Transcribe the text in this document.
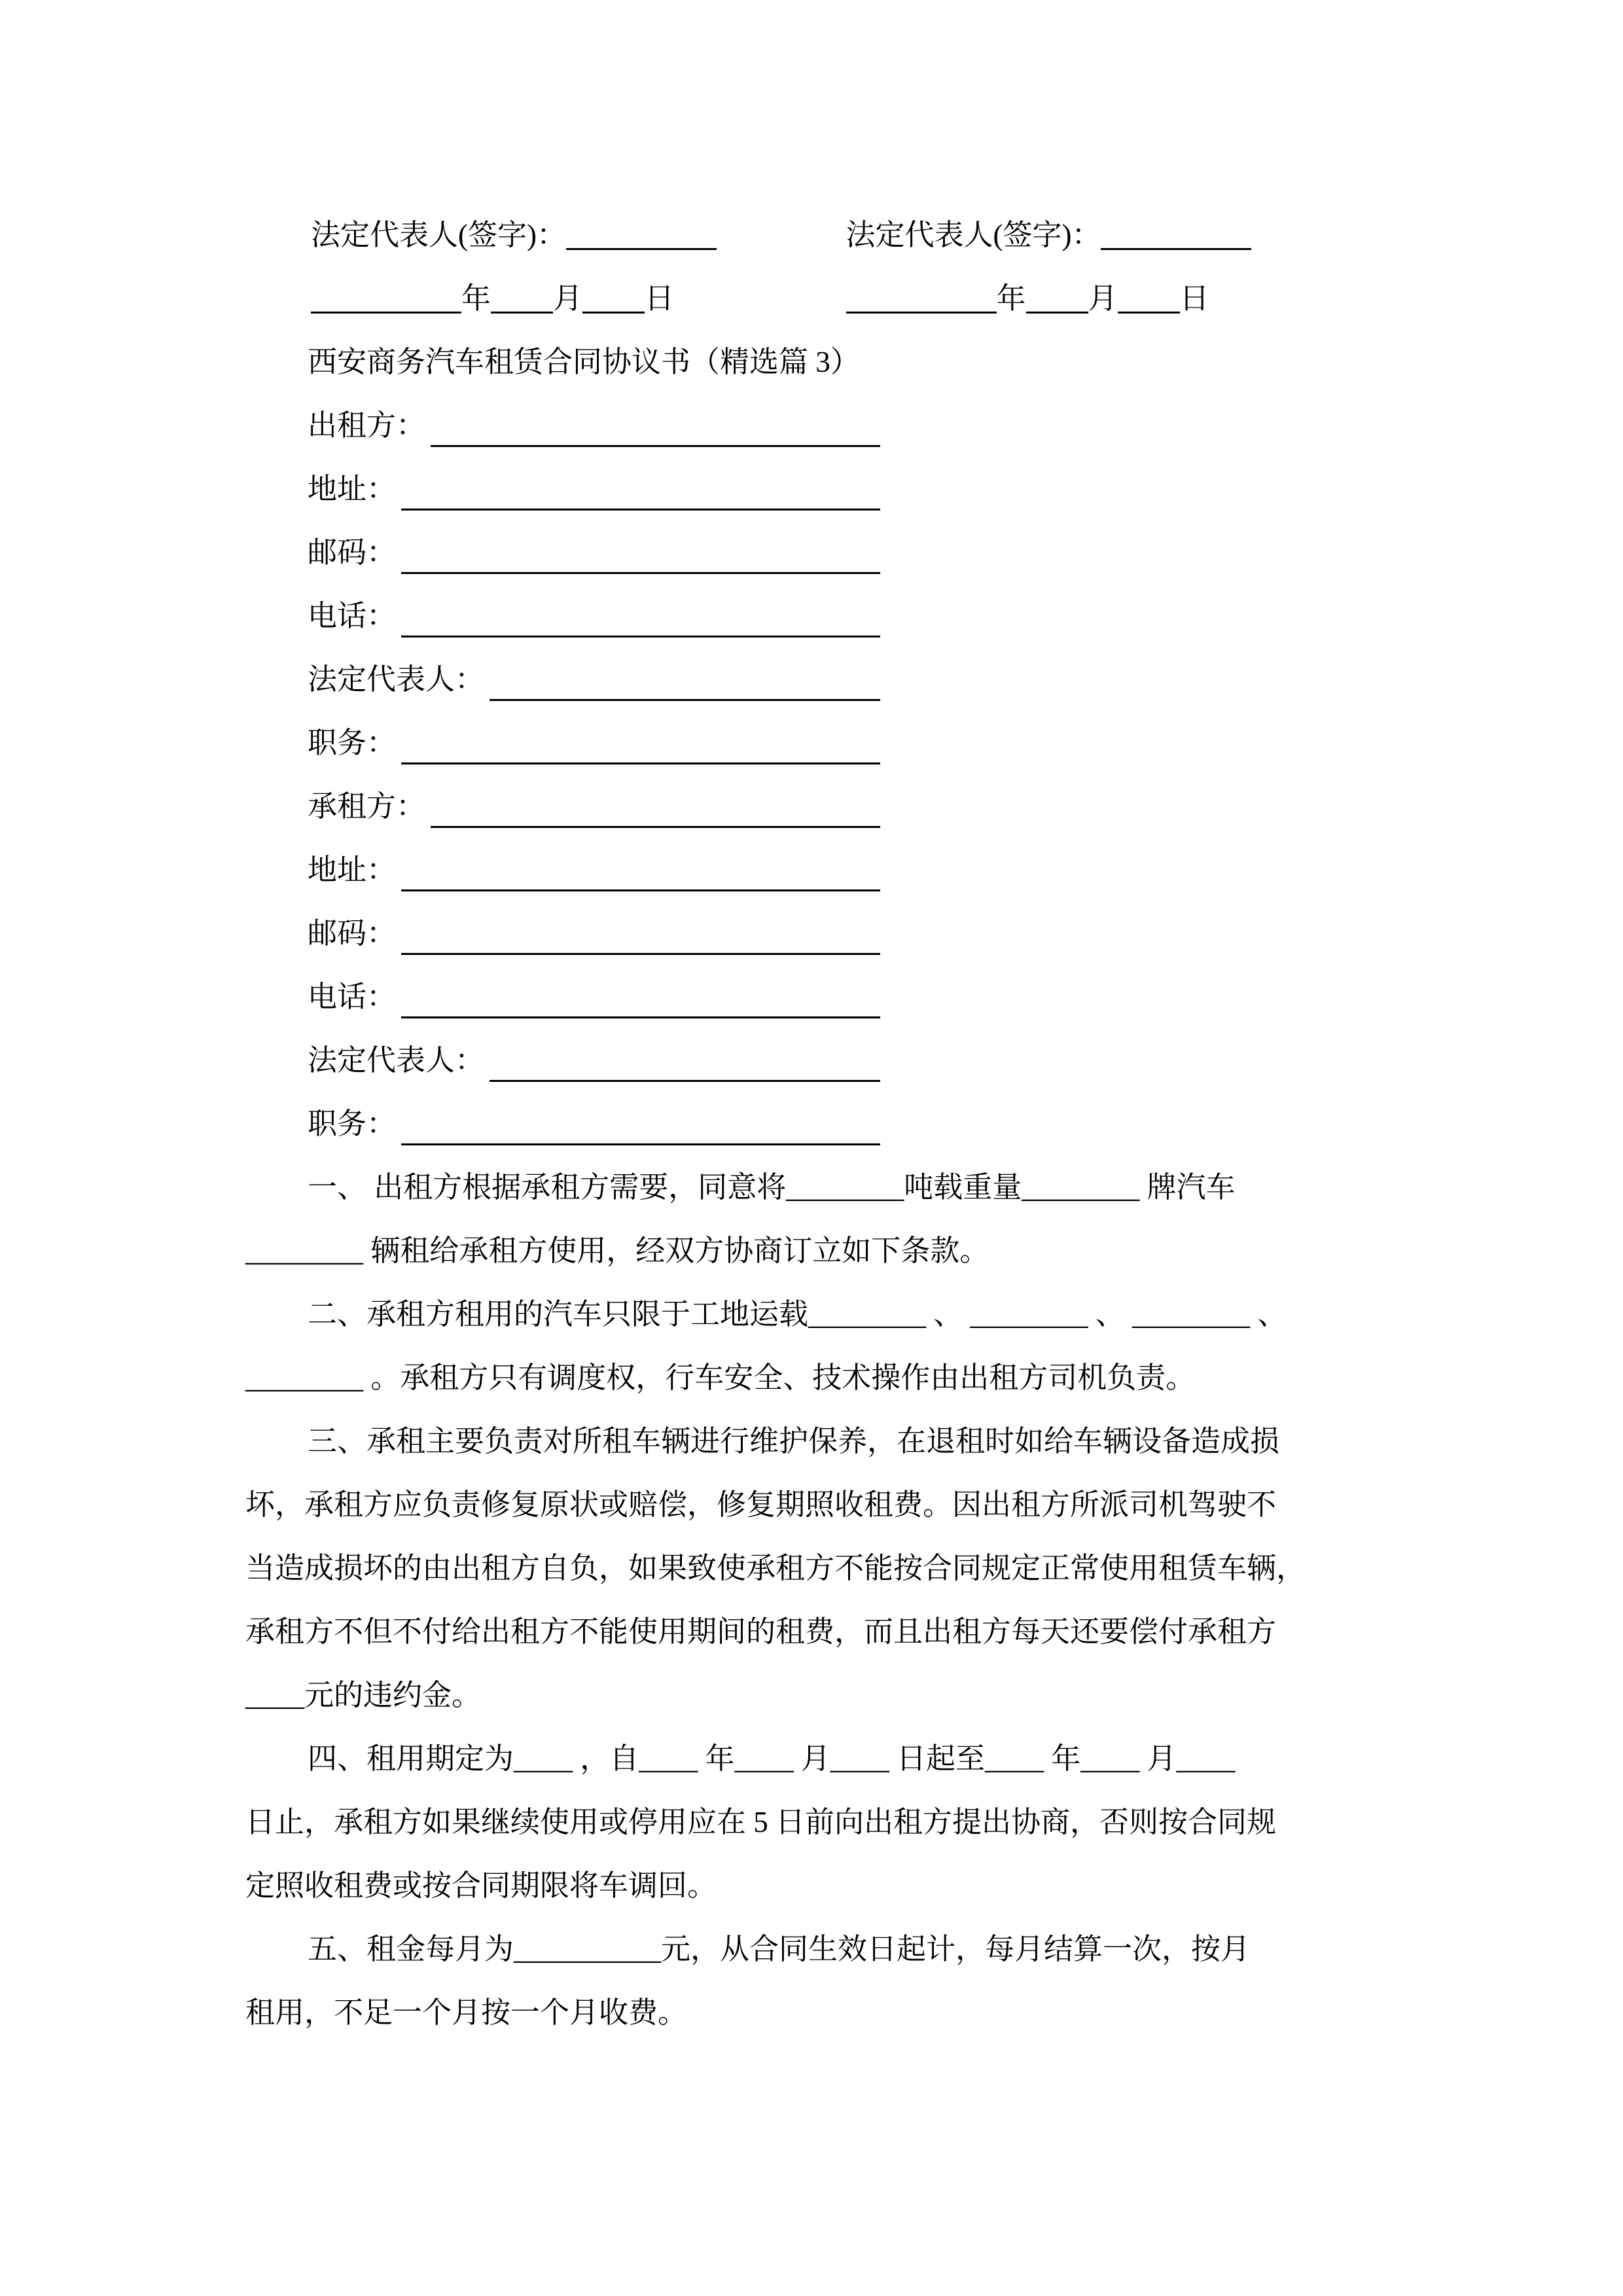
法定代表人(签字)：	法定代表人(签字)：
年 月 日	年 月 日
西安商务汽车租赁合同协议书（精选篇 3）
出租方：
地址：
邮码：
电话：
法定代表人：
职务：
承租方：
地址：
邮码：
电话：
法定代表人：
职务：
一、 出租方根据承租方需要，同意将________吨载重量________ 牌汽车
________ 辆租给承租方使用，经双方协商订立如下条款。
二、承租方租用的汽车只限于工地运载________ 、 ________ 、 ________ 、
________ 。承租方只有调度权，行车安全、技术操作由出租方司机负责。
三、承租主要负责对所租车辆进行维护保养，在退租时如给车辆设备造成损
坏，承租方应负责修复原状或赔偿，修复期照收租费。因出租方所派司机驾驶不
当造成损坏的由出租方自负，如果致使承租方不能按合同规定正常使用租赁车辆，
承租方不但不付给出租方不能使用期间的租费，而且出租方每天还要偿付承租方
____元的违约金。
四、租用期定为____ ，自____ 年____ 月____ 日起至____ 年____ 月____
日止，承租方如果继续使用或停用应在 5 日前向出租方提出协商，否则按合同规
定照收租费或按合同期限将车调回。
五、租金每月为__________元，从合同生效日起计，每月结算一次，按月
租用，不足一个月按一个月收费。
